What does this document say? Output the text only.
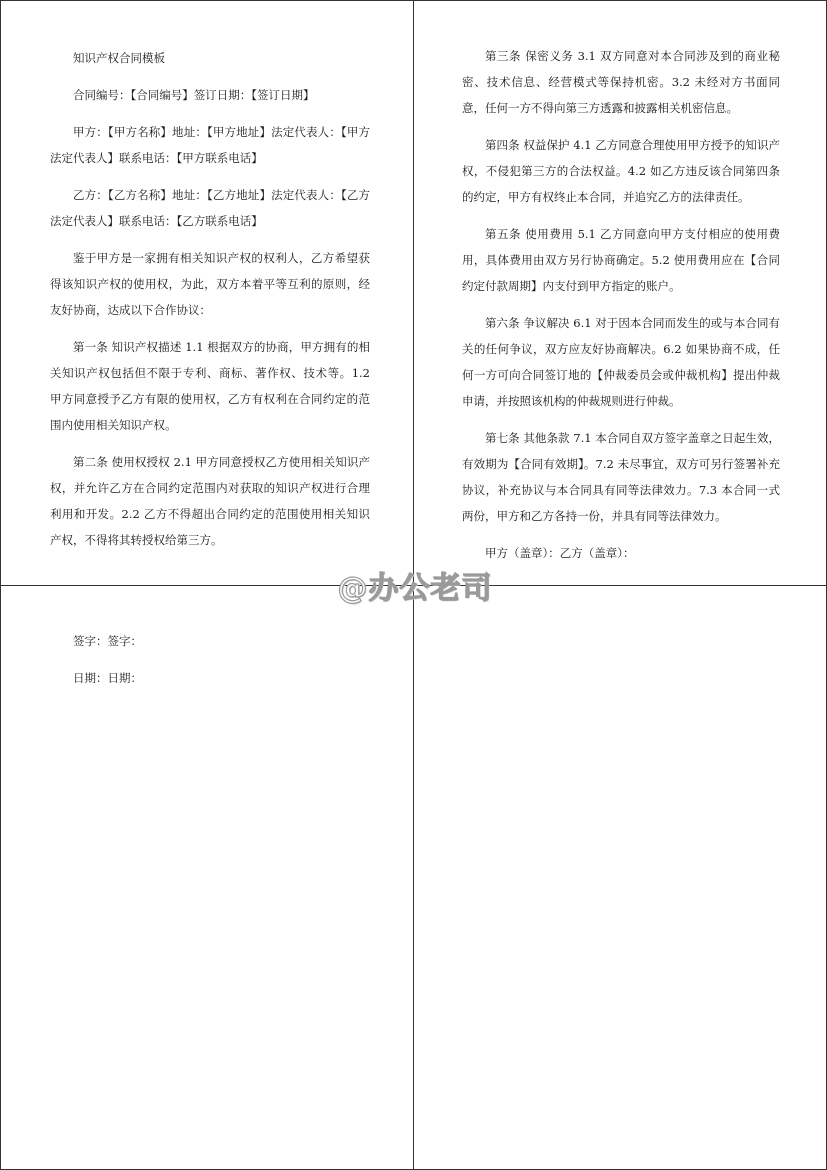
知识产权合同模板

合同编号：【合同编号】签订日期：【签订日期】

甲方：【甲方名称】地址：【甲方地址】法定代表人：【甲方法定代表人】联系电话：【甲方联系电话】

乙方：【乙方名称】地址：【乙方地址】法定代表人：【乙方法定代表人】联系电话：【乙方联系电话】

鉴于甲方是一家拥有相关知识产权的权利人，乙方希望获得该知识产权的使用权，为此，双方本着平等互利的原则，经友好协商，达成以下合作协议：

第一条 知识产权描述 1.1 根据双方的协商，甲方拥有的相关知识产权包括但不限于专利、商标、著作权、技术等。1.2 甲方同意授予乙方有限的使用权，乙方有权利在合同约定的范围内使用相关知识产权。

第二条 使用权授权 2.1 甲方同意授权乙方使用相关知识产权，并允许乙方在合同约定范围内对获取的知识产权进行合理利用和开发。2.2 乙方不得超出合同约定的范围使用相关知识产权，不得将其转授权给第三方。

第三条 保密义务 3.1 双方同意对本合同涉及到的商业秘密、技术信息、经营模式等保持机密。3.2 未经对方书面同意，任何一方不得向第三方透露和披露相关机密信息。

第四条 权益保护 4.1 乙方同意合理使用甲方授予的知识产权，不侵犯第三方的合法权益。4.2 如乙方违反该合同第四条的约定，甲方有权终止本合同，并追究乙方的法律责任。

第五条 使用费用 5.1 乙方同意向甲方支付相应的使用费用，具体费用由双方另行协商确定。5.2 使用费用应在【合同约定付款周期】内支付到甲方指定的账户。

第六条 争议解决 6.1 对于因本合同而发生的或与本合同有关的任何争议，双方应友好协商解决。6.2 如果协商不成，任何一方可向合同签订地的【仲裁委员会或仲裁机构】提出仲裁申请，并按照该机构的仲裁规则进行仲裁。

第七条 其他条款 7.1 本合同自双方签字盖章之日起生效，有效期为【合同有效期】。7.2 未尽事宜，双方可另行签署补充协议，补充协议与本合同具有同等法律效力。7.3 本合同一式两份，甲方和乙方各持一份，并具有同等法律效力。

甲方（盖章）：乙方（盖章）：

签字：签字：

日期：日期：

@办公老司
